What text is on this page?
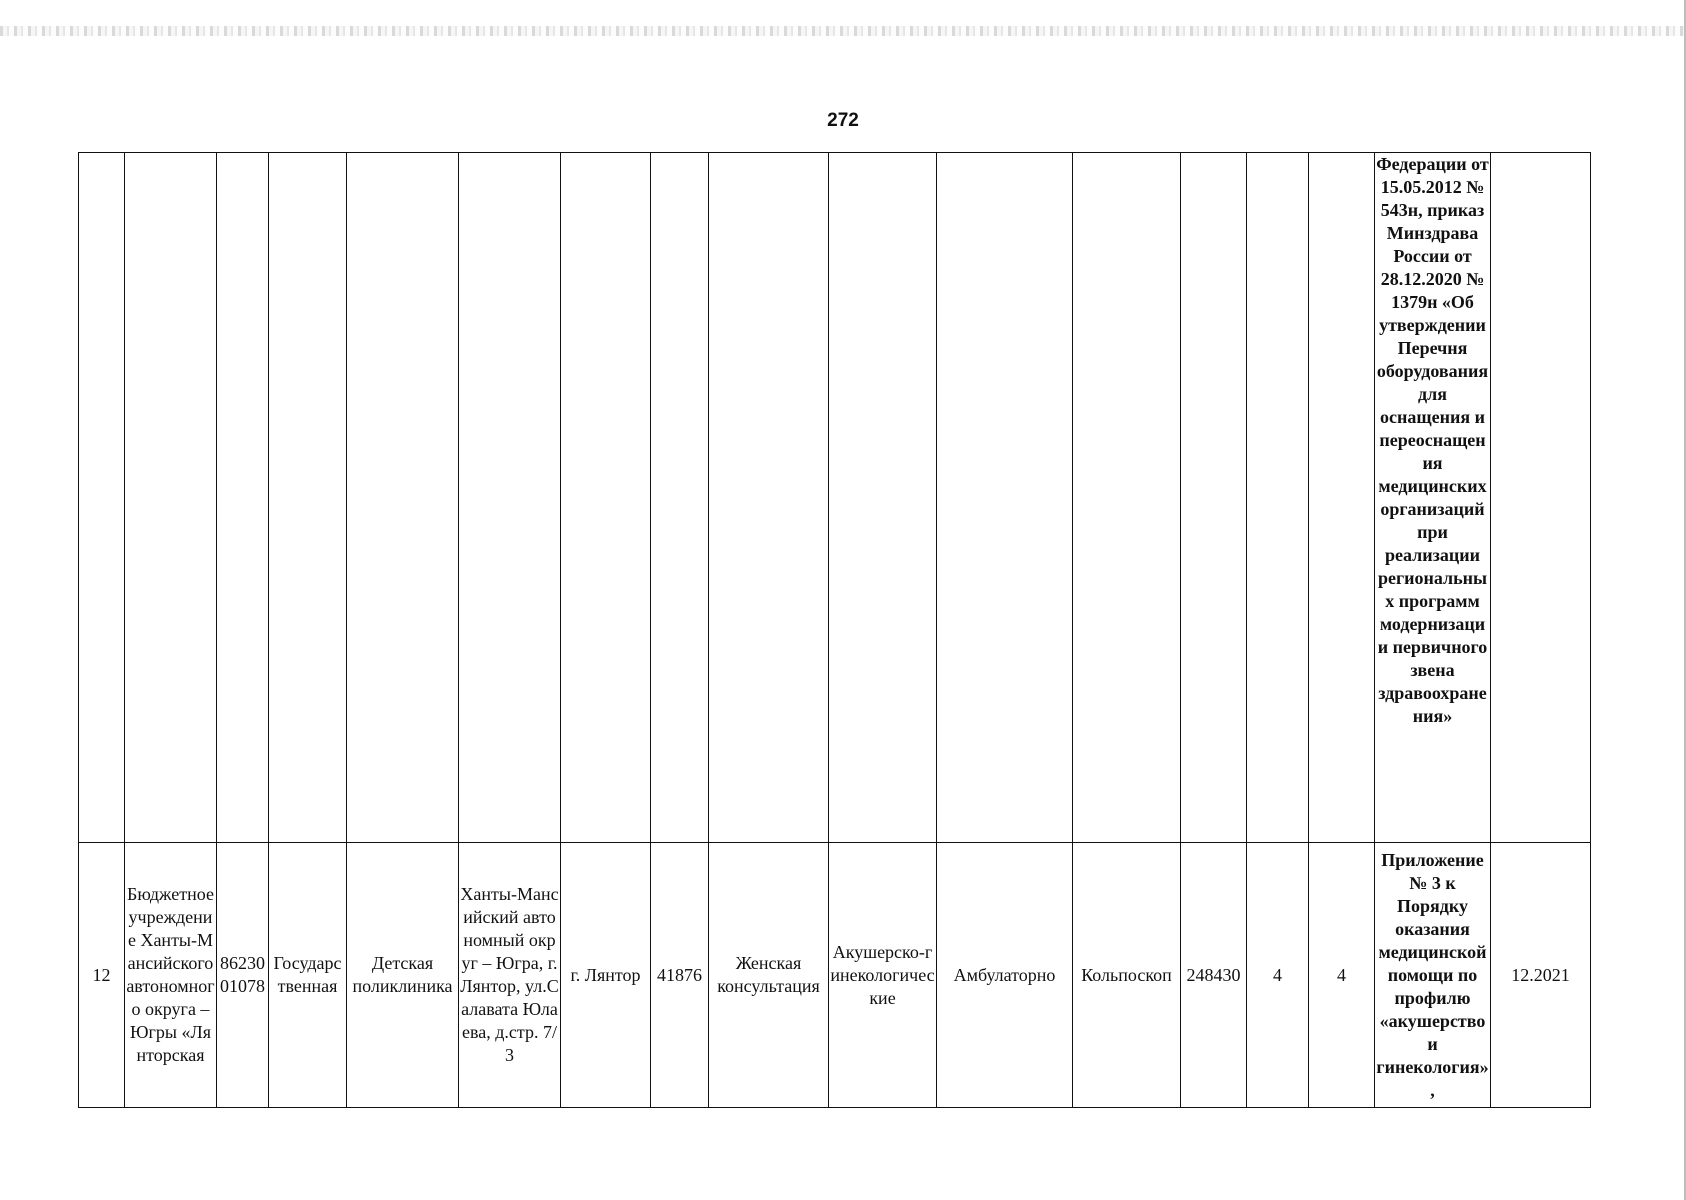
272
															Федерации от 15.05.2012 № 543н, приказ Минздрава России от 28.12.2020 № 1379н «Об утверждении Перечня оборудования для оснащения и переоснащения медицинских организаций при реализации региональных программ модернизации первичного звена здравоохранения»	
12	Бюджетное учреждение Ханты-Мансийского автономного округа – Югры «Лянторская	8623001078	Государственная	Детская поликлиника	Ханты-Мансийский автономный округ – Югра, г. Лянтор, ул.Салавата Юлаева, д.стр. 7/3	г. Лянтор	41876	Женская консультация	Акушерско-гинекологические	Амбулаторно	Кольпоскоп	248430	4	4	Приложение № 3 к Порядку оказания медицинской помощи по профилю «акушерство и гинекология»,	12.2021
